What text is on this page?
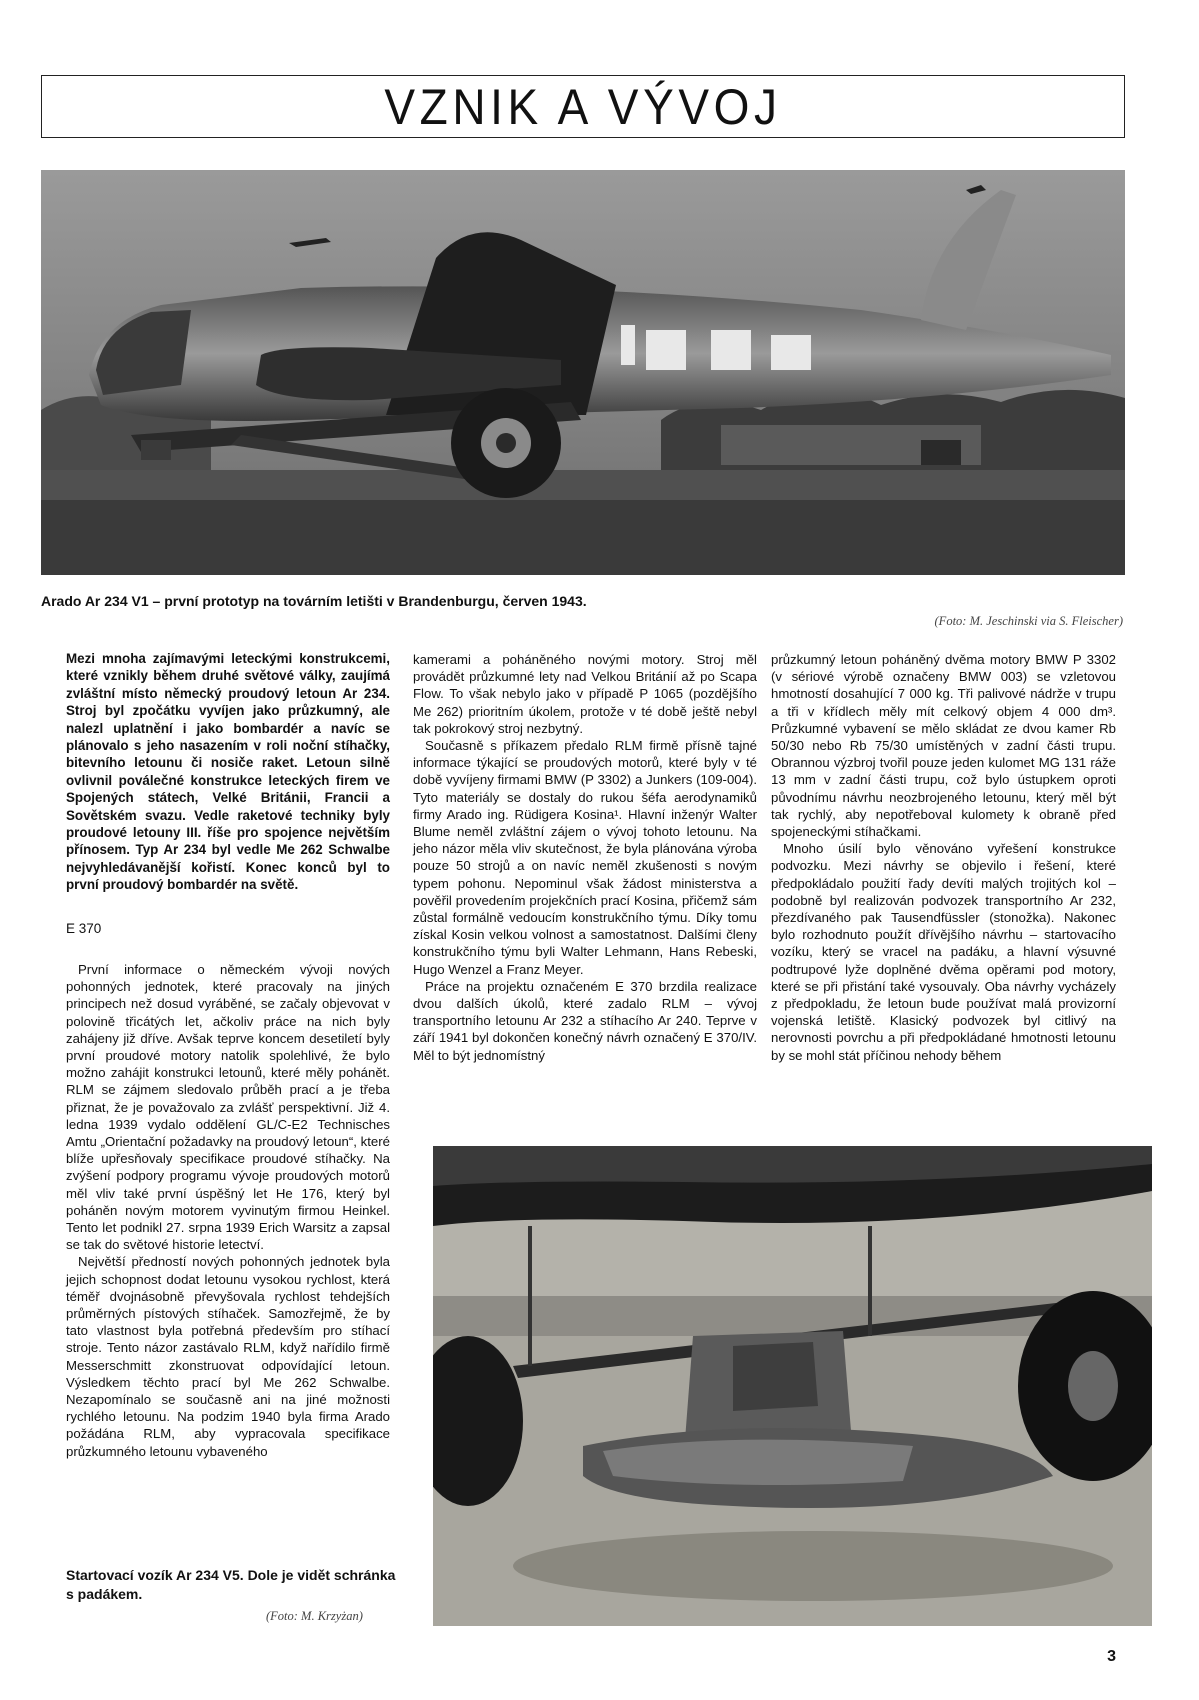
VZNIK A VÝVOJ
Arado Ar 234 V1 – první prototyp na továrním letišti v Brandenburgu, červen 1943.
(Foto: M. Jeschinski via S. Fleischer)

Mezi mnoha zajímavými leteckými konstrukcemi, které vznikly během druhé světové války, zaujímá zvláštní místo německý proudový letoun Ar 234. Stroj byl zpočátku vyvíjen jako průzkumný, ale nalezl uplatnění i jako bombardér a navíc se plánovalo s jeho nasazením v roli noční stíhačky, bitevního letounu či nosiče raket. Letoun silně ovlivnil poválečné konstrukce leteckých firem ve Spojených státech, Velké Británii, Francii a Sovětském svazu. Vedle raketové techniky byly proudové letouny III. říše pro spojence největším přínosem. Typ Ar 234 byl vedle Me 262 Schwalbe nejvyhledávanější kořistí. Konec konců byl to první proudový bombardér na světě.

E 370

První informace o německém vývoji nových pohonných jednotek, které pracovaly na jiných principech než dosud vyráběné, se začaly objevovat v polovině třicátých let, ačkoliv práce na nich byly zahájeny již dříve. Avšak teprve koncem desetiletí byly první proudové motory natolik spolehlivé, že bylo možno zahájit konstrukci letounů, které měly pohánět. RLM se zájmem sledovalo průběh prací a je třeba přiznat, že je považovalo za zvlášť perspektivní. Již 4. ledna 1939 vydalo oddělení GL/C-E2 Technisches Amtu „Orientační požadavky na proudový letoun“, které blíže upřesňovaly specifikace proudové stíhačky. Na zvýšení podpory programu vývoje proudových motorů měl vliv také první úspěšný let He 176, který byl poháněn novým motorem vyvinutým firmou Heinkel. Tento let podnikl 27. srpna 1939 Erich Warsitz a zapsal se tak do světové historie letectví.

Největší předností nových pohonných jednotek byla jejich schopnost dodat letounu vysokou rychlost, která téměř dvojnásobně převyšovala rychlost tehdejších průměrných pístových stíhaček. Samozřejmě, že by tato vlastnost byla potřebná především pro stíhací stroje. Tento názor zastávalo RLM, když nařídilo firmě Messerschmitt zkonstruovat odpovídající letoun. Výsledkem těchto prací byl Me 262 Schwalbe. Nezapomínalo se současně ani na jiné možnosti rychlého letounu. Na podzim 1940 byla firma Arado požádána RLM, aby vypracovala specifikace průzkumného letounu vybaveného

kamerami a poháněného novými motory. Stroj měl provádět průzkumné lety nad Velkou Británií až po Scapa Flow. To však nebylo jako v případě P 1065 (pozdějšího Me 262) prioritním úkolem, protože v té době ještě nebyl tak pokrokový stroj nezbytný.

Současně s příkazem předalo RLM firmě přísně tajné informace týkající se proudových motorů, které byly v té době vyvíjeny firmami BMW (P 3302) a Junkers (109-004). Tyto materiály se dostaly do rukou šéfa aerodynamiků firmy Arado ing. Rüdigera Kosina¹. Hlavní inženýr Walter Blume neměl zvláštní zájem o vývoj tohoto letounu. Na jeho názor měla vliv skutečnost, že byla plánována výroba pouze 50 strojů a on navíc neměl zkušenosti s novým typem pohonu. Nepominul však žádost ministerstva a pověřil provedením projekčních prací Kosina, přičemž sám zůstal formálně vedoucím konstrukčního týmu. Díky tomu získal Kosin velkou volnost a samostatnost. Dalšími členy konstrukčního týmu byli Walter Lehmann, Hans Rebeski, Hugo Wenzel a Franz Meyer.

Práce na projektu označeném E 370 brzdila realizace dvou dalších úkolů, které zadalo RLM – vývoj transportního letounu Ar 232 a stíhacího Ar 240. Teprve v září 1941 byl dokončen konečný návrh označený E 370/IV. Měl to být jednomístný

průzkumný letoun poháněný dvěma motory BMW P 3302 (v sériové výrobě označeny BMW 003) se vzletovou hmotností dosahující 7 000 kg. Tři palivové nádrže v trupu a tři v křídlech měly mít celkový objem 4 000 dm³. Průzkumné vybavení se mělo skládat ze dvou kamer Rb 50/30 nebo Rb 75/30 umístěných v zadní části trupu. Obrannou výzbroj tvořil pouze jeden kulomet MG 131 ráže 13 mm v zadní části trupu, což bylo ústupkem oproti původnímu návrhu neozbrojeného letounu, který měl být tak rychlý, aby nepotřeboval kulomety k obraně před spojeneckými stíhačkami.

Mnoho úsilí bylo věnováno vyřešení konstrukce podvozku. Mezi návrhy se objevilo i řešení, které předpokládalo použití řady devíti malých trojitých kol – podobně byl realizován podvozek transportního Ar 232, přezdívaného pak Tausendfüssler (stonožka). Nakonec bylo rozhodnuto použít dřívějšího návrhu – startovacího vozíku, který se vracel na padáku, a hlavní výsuvné podtrupové lyže doplněné dvěma opěrami pod motory, které se při přistání také vysouvaly. Oba návrhy vycházely z předpokladu, že letoun bude používat malá provizorní vojenská letiště. Klasický podvozek byl citlivý na nerovnosti povrchu a při předpokládané hmotnosti letounu by se mohl stát příčinou nehody během

Startovací vozík Ar 234 V5. Dole je vidět schránka s padákem.
(Foto: M. Krzyżan)
3
